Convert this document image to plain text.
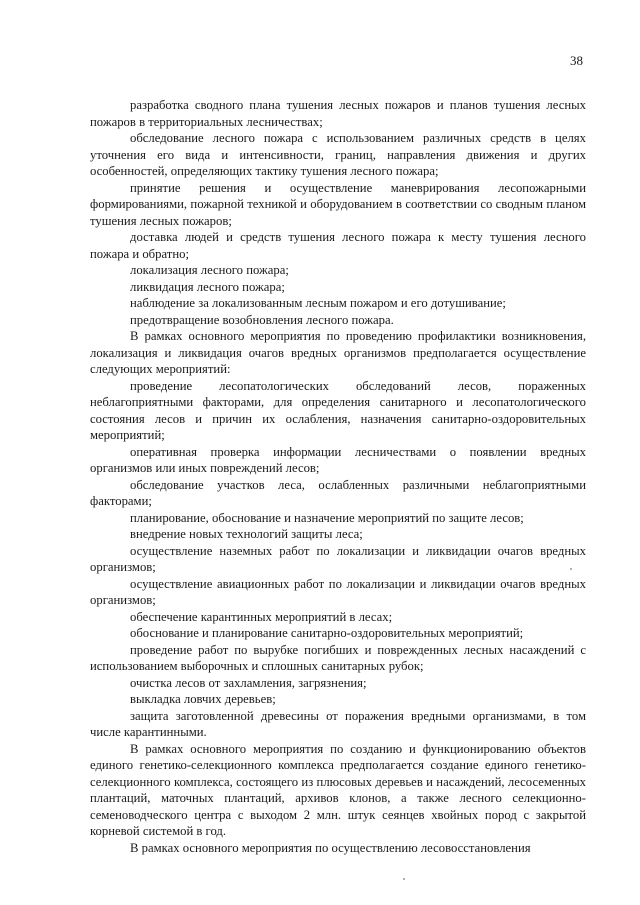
38

разработка сводного плана тушения лесных пожаров и планов тушения лесных пожаров в территориальных лесничествах;

обследование лесного пожара с использованием различных средств в целях уточнения его вида и интенсивности, границ, направления движения и других особенностей, определяющих тактику тушения лесного пожара;

принятие решения и осуществление маневрирования лесопожарными формированиями, пожарной техникой и оборудованием в соответствии со сводным планом тушения лесных пожаров;

доставка людей и средств тушения лесного пожара к месту тушения лесного пожара и обратно;

локализация лесного пожара;

ликвидация лесного пожара;

наблюдение за локализованным лесным пожаром и его дотушивание;

предотвращение возобновления лесного пожара.

В рамках основного мероприятия по проведению профилактики возникновения, локализация и ликвидация очагов вредных организмов предполагается осуществление следующих мероприятий:

проведение лесопатологических обследований лесов, пораженных неблагоприятными факторами, для определения санитарного и лесопатологического состояния лесов и причин их ослабления, назначения санитарно-оздоровительных мероприятий;

оперативная проверка информации лесничествами о появлении вредных организмов или иных повреждений лесов;

обследование участков леса, ослабленных различными неблагоприятными факторами;

планирование, обоснование и назначение мероприятий по защите лесов;

внедрение новых технологий защиты леса;

осуществление наземных работ по локализации и ликвидации очагов вредных организмов;

осуществление авиационных работ по локализации и ликвидации очагов вредных организмов;

обеспечение карантинных мероприятий в лесах;

обоснование и планирование санитарно-оздоровительных мероприятий;

проведение работ по вырубке погибших и поврежденных лесных насаждений с использованием выборочных и сплошных санитарных рубок;

очистка лесов от захламления, загрязнения;

выкладка ловчих деревьев;

защита заготовленной древесины от поражения вредными организмами, в том числе карантинными.

В рамках основного мероприятия по созданию и функционированию объектов единого генетико-селекционного комплекса предполагается создание единого генетико-селекционного комплекса, состоящего из плюсовых деревьев и насаждений, лесосеменных плантаций, маточных плантаций, архивов клонов, а также лесного селекционно-семеноводческого центра с выходом 2 млн. штук сеянцев хвойных пород с закрытой корневой системой в год.

В рамках основного мероприятия по осуществлению лесовосстановления
